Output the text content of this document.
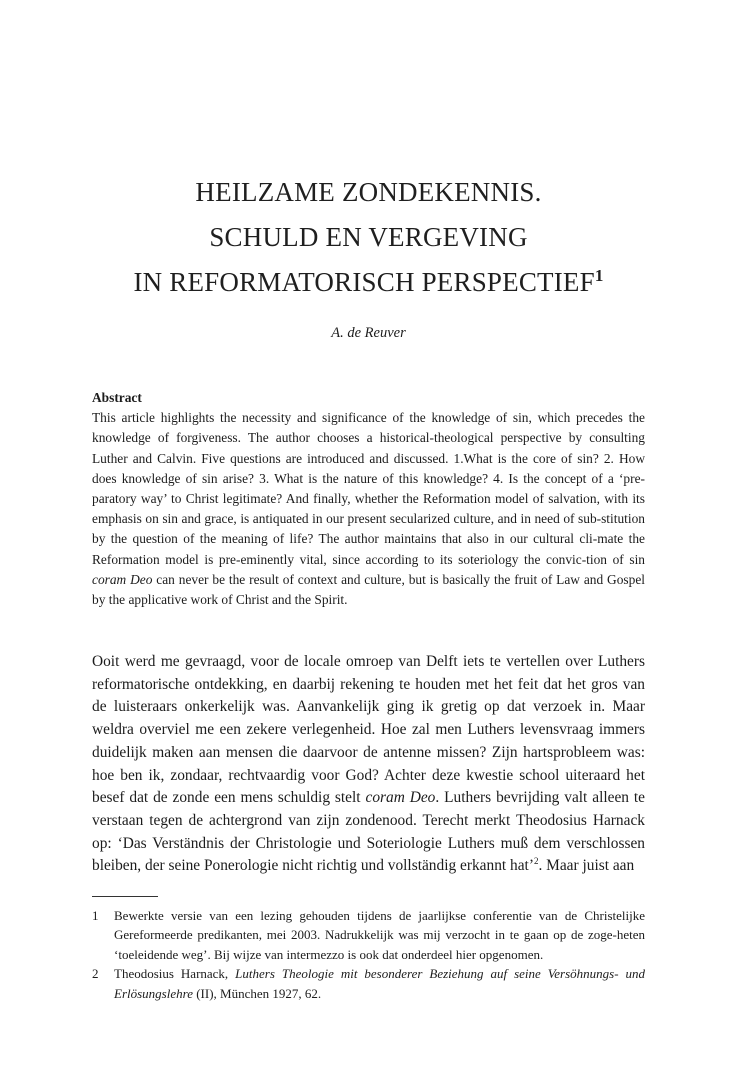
HEILZAME ZONDEKENNIS.
SCHULD EN VERGEVING
IN REFORMATORISCH PERSPECTIEF$^1$
A. de Reuver
Abstract
This article highlights the necessity and significance of the knowledge of sin, which precedes the knowledge of forgiveness. The author chooses a historical-theological perspective by consulting Luther and Calvin. Five questions are introduced and discussed. 1.What is the core of sin? 2. How does knowledge of sin arise? 3. What is the nature of this knowledge? 4. Is the concept of a ‘pre-paratory way’ to Christ legitimate? And finally, whether the Reformation model of salvation, with its emphasis on sin and grace, is antiquated in our present secularized culture, and in need of sub-stitution by the question of the meaning of life? The author maintains that also in our cultural cli-mate the Reformation model is pre-eminently vital, since according to its soteriology the convic-tion of sin coram Deo can never be the result of context and culture, but is basically the fruit of Law and Gospel by the applicative work of Christ and the Spirit.
Ooit werd me gevraagd, voor de locale omroep van Delft iets te vertellen over Luthers reformatorische ontdekking, en daarbij rekening te houden met het feit dat het gros van de luisteraars onkerkelijk was. Aanvankelijk ging ik gretig op dat verzoek in. Maar weldra overviel me een zekere verlegenheid. Hoe zal men Luthers levensvraag immers duidelijk maken aan mensen die daarvoor de antenne missen? Zijn hartsprobleem was: hoe ben ik, zondaar, rechtvaardig voor God? Achter deze kwestie school uiteraard het besef dat de zonde een mens schuldig stelt coram Deo. Luthers bevrijding valt alleen te verstaan tegen de achtergrond van zijn zondenood. Terecht merkt Theodosius Harnack op: ‘Das Verständnis der Christologie und Soteriologie Luthers muß dem verschlossen bleiben, der seine Ponerologie nicht richtig und vollständig erkannt hat’$^2$. Maar juist aan
1	Bewerkte versie van een lezing gehouden tijdens de jaarlijkse conferentie van de Christelijke Gereformeerde predikanten, mei 2003. Nadrukkelijk was mij verzocht in te gaan op de zoge-heten ‘toeleidende weg’. Bij wijze van intermezzo is ook dat onderdeel hier opgenomen.
2	Theodosius Harnack, Luthers Theologie mit besonderer Beziehung auf seine Versöhnungs- und Erlösungslehre (II), München 1927, 62.
